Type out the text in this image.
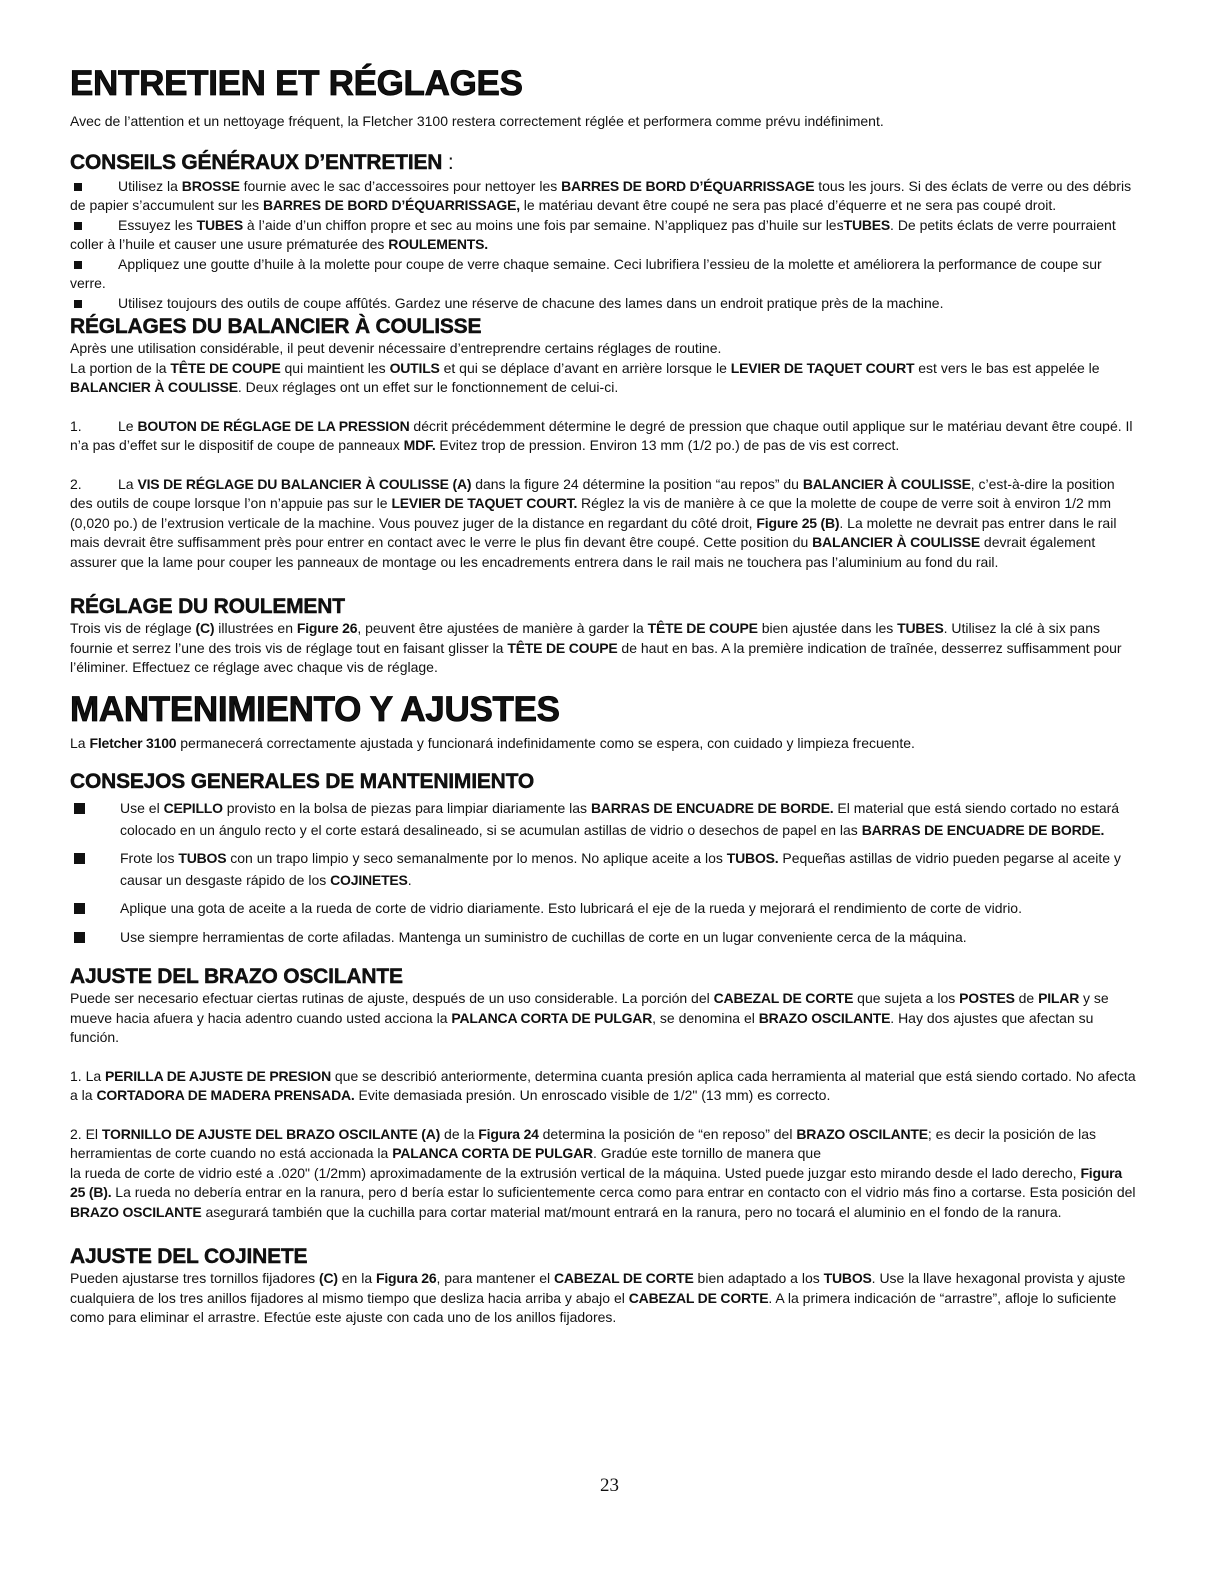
ENTRETIEN ET RÉGLAGES

Avec de l’attention et un nettoyage fréquent, la Fletcher 3100 restera correctement réglée et performera comme prévu indéfiniment.

CONSEILS GÉNÉRAUX D’ENTRETIEN :

Utilisez la BROSSE fournie avec le sac d’accessoires pour nettoyer les BARRES DE BORD D’ÉQUARRISSAGE tous les jours. Si des éclats de verre ou des débris de papier s’accumulent sur les BARRES DE BORD D’ÉQUARRISSAGE, le matériau devant être coupé ne sera pas placé d’équerre et ne sera pas coupé droit.

Essuyez les TUBES à l’aide d’un chiffon propre et sec au moins une fois par semaine. N’appliquez pas d’huile sur lesTUBES. De petits éclats de verre pourraient coller à l’huile et causer une usure prématurée des ROULEMENTS.

Appliquez une goutte d’huile à la molette pour coupe de verre chaque semaine. Ceci lubrifiera l’essieu de la molette et améliorera la performance de coupe sur verre.

Utilisez toujours des outils de coupe affûtés. Gardez une réserve de chacune des lames dans un endroit pratique près de la machine.

RÉGLAGES DU BALANCIER À COULISSE

Après une utilisation considérable, il peut devenir nécessaire d’entreprendre certains réglages de routine.

La portion de la TÊTE DE COUPE qui maintient les OUTILS et qui se déplace d’avant en arrière lorsque le LEVIER DE TAQUET COURT est vers le bas est appelée le BALANCIER À COULISSE. Deux réglages ont un effet sur le fonctionnement de celui-ci.

1.	Le BOUTON DE RÉGLAGE DE LA PRESSION décrit précédemment détermine le degré de pression que chaque outil applique sur le matériau devant être coupé. Il n’a pas d’effet sur le dispositif de coupe de panneaux MDF. Evitez trop de pression. Environ 13 mm (1/2 po.) de pas de vis est correct.

2.	La VIS DE RÉGLAGE DU BALANCIER À COULISSE (A) dans la figure 24 détermine la position “au repos” du BALANCIER À COULISSE, c’est-à-dire la position des outils de coupe lorsque l’on n’appuie pas sur le LEVIER DE TAQUET COURT. Réglez la vis de manière à ce que la molette de coupe de verre soit à environ 1/2 mm (0,020 po.) de l’extrusion verticale de la machine. Vous pouvez juger de la distance en regardant du côté droit, Figure 25 (B). La molette ne devrait pas entrer dans le rail mais devrait être suffisamment près pour entrer en contact avec le verre le plus fin devant être coupé. Cette position du BALANCIER À COULISSE devrait également assurer que la lame pour couper les panneaux de montage ou les encadrements entrera dans le rail mais ne touchera pas l’aluminium au fond du rail.

RÉGLAGE DU ROULEMENT

Trois vis de réglage (C) illustrées en Figure 26, peuvent être ajustées de manière à garder la TÊTE DE COUPE bien ajustée dans les TUBES. Utilisez la clé à six pans fournie et serrez l’une des trois vis de réglage tout en faisant glisser la TÊTE DE COUPE de haut en bas. A la première indication de traînée, desserrez suffisamment pour l’éliminer. Effectuez ce réglage avec chaque vis de réglage.

MANTENIMIENTO Y AJUSTES

La Fletcher 3100 permanecerá correctamente ajustada y funcionará indefinidamente como se espera, con cuidado y limpieza frecuente.

CONSEJOS GENERALES DE MANTENIMIENTO

Use el CEPILLO provisto en la bolsa de piezas para limpiar diariamente las BARRAS DE ENCUADRE DE BORDE. El material que está siendo cortado no estará colocado en un ángulo recto y el corte estará desalineado, si se acumulan astillas de vidrio o desechos de papel en las BARRAS DE ENCUADRE DE BORDE.

Frote los TUBOS con un trapo limpio y seco semanalmente por lo menos. No aplique aceite a los TUBOS. Pequeñas astillas de vidrio pueden pegarse al aceite y causar un desgaste rápido de los COJINETES.

Aplique una gota de aceite a la rueda de corte de vidrio diariamente. Esto lubricará el eje de la rueda y mejorará el rendimiento de corte de vidrio.

Use siempre herramientas de corte afiladas. Mantenga un suministro de cuchillas de corte en un lugar conveniente cerca de la máquina.

AJUSTE DEL BRAZO OSCILANTE

Puede ser necesario efectuar ciertas rutinas de ajuste, después de un uso considerable. La porción del CABEZAL DE CORTE que sujeta a los POSTES de PILAR y se mueve hacia afuera y hacia adentro cuando usted acciona la PALANCA CORTA DE PULGAR, se denomina el BRAZO OSCILANTE. Hay dos ajustes que afectan su función.

1. La PERILLA DE AJUSTE DE PRESION que se describió anteriormente, determina cuanta presión aplica cada herramienta al material que está siendo cortado. No afecta a la CORTADORA DE MADERA PRENSADA. Evite demasiada presión. Un enroscado visible de 1/2" (13 mm) es correcto.

2. El TORNILLO DE AJUSTE DEL BRAZO OSCILANTE (A) de la Figura 24 determina la posición de “en reposo” del BRAZO OSCILANTE; es decir la posición de las herramientas de corte cuando no está accionada la PALANCA CORTA DE PULGAR. Gradúe este tornillo de manera que
la rueda de corte de vidrio esté a .020" (1/2mm) aproximadamente de la extrusión vertical de la máquina. Usted puede juzgar esto mirando desde el lado derecho, Figura 25 (B). La rueda no debería entrar en la ranura, pero d bería estar lo suficientemente cerca como para entrar en contacto con el vidrio más fino a cortarse. Esta posición del BRAZO OSCILANTE asegurará también que la cuchilla para cortar material mat/mount entrará en la ranura, pero no tocará el aluminio en el fondo de la ranura.

AJUSTE DEL COJINETE

Pueden ajustarse tres tornillos fijadores (C) en la Figura 26, para mantener el CABEZAL DE CORTE bien adaptado a los TUBOS. Use la llave hexagonal provista y ajuste cualquiera de los tres anillos fijadores al mismo tiempo que desliza hacia arriba y abajo el CABEZAL DE CORTE. A la primera indicación de “arrastre”, afloje lo suficiente como para eliminar el arrastre. Efectúe este ajuste con cada uno de los anillos fijadores.

23
